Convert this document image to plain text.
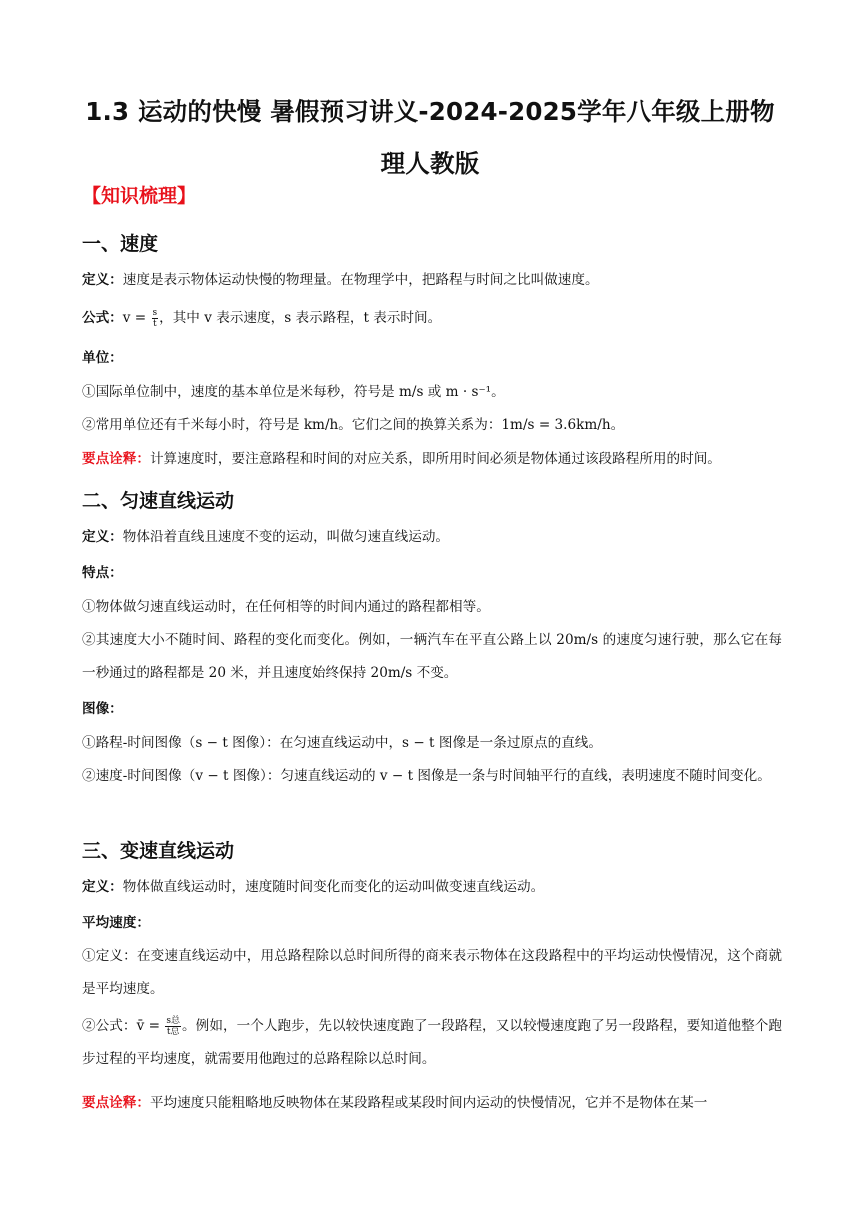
1.3 运动的快慢 暑假预习讲义-2024-2025学年八年级上册物
理人教版
【知识梳理】
一、速度
定义：速度是表示物体运动快慢的物理量。在物理学中，把路程与时间之比叫做速度。
公式：$v = \frac{s}{t}$ ，其中 v 表示速度，s 表示路程，t 表示时间。
单位：
①国际单位制中，速度的基本单位是米每秒，符号是 m/s 或 m · s⁻¹。
②常用单位还有千米每小时，符号是 km/h。它们之间的换算关系为：1m/s = 3.6km/h。
要点诠释：计算速度时，要注意路程和时间的对应关系，即所用时间必须是物体通过该段路程所用的时间。
二、匀速直线运动
定义：物体沿着直线且速度不变的运动，叫做匀速直线运动。
特点：
①物体做匀速直线运动时，在任何相等的时间内通过的路程都相等。
②其速度大小不随时间、路程的变化而变化。例如，一辆汽车在平直公路上以 20m/s 的速度匀速行驶，那么它在每一秒通过的路程都是 20 米，并且速度始终保持 20m/s 不变。
图像：
①路程-时间图像（s − t 图像）：在匀速直线运动中，s − t 图像是一条过原点的直线。
②速度-时间图像（v − t 图像）：匀速直线运动的 v − t 图像是一条与时间轴平行的直线，表明速度不随时间变化。
三、变速直线运动
定义：物体做直线运动时，速度随时间变化而变化的运动叫做变速直线运动。
平均速度：
①定义：在变速直线运动中，用总路程除以总时间所得的商来表示物体在这段路程中的平均运动快慢情况，这个商就是平均速度。
②公式：v̄ = $\frac{\text{s总}}{\text{t总}}$ 。例如，一个人跑步，先以较快速度跑了一段路程，又以较慢速度跑了另一段路程，要知道他整个跑步过程的平均速度，就需要用他跑过的总路程除以总时间。
要点诠释：平均速度只能粗略地反映物体在某段路程或某段时间内运动的快慢情况，它并不是物体在某一
